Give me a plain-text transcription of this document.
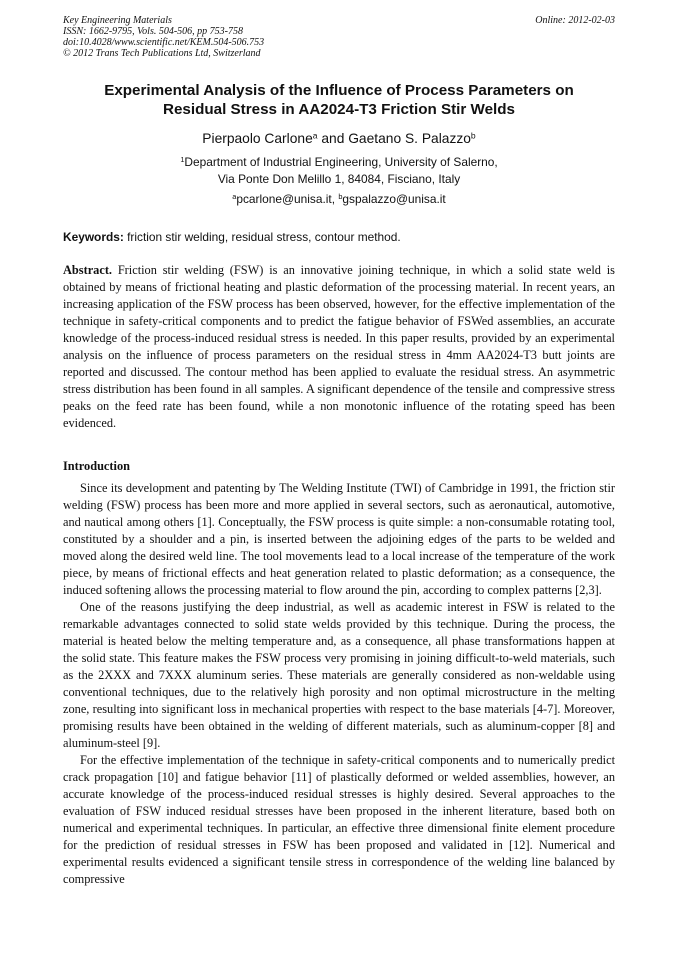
Key Engineering Materials
ISSN: 1662-9795, Vols. 504-506, pp 753-758
doi:10.4028/www.scientific.net/KEM.504-506.753
© 2012 Trans Tech Publications Ltd, Switzerland
Online: 2012-02-03
Experimental Analysis of the Influence of Process Parameters on
Residual Stress in AA2024-T3 Friction Stir Welds
Pierpaolo Carlone$^a$ and Gaetano S. Palazzo$^b$
$^1$Department of Industrial Engineering, University of Salerno,
Via Ponte Don Melillo 1, 84084, Fisciano, Italy
$^a$pcarlone@unisa.it, $^b$gspalazzo@unisa.it
Keywords: friction stir welding, residual stress, contour method.
Abstract. Friction stir welding (FSW) is an innovative joining technique, in which a solid state weld is obtained by means of frictional heating and plastic deformation of the processing material. In recent years, an increasing application of the FSW process has been observed, however, for the effective implementation of the technique in safety-critical components and to predict the fatigue behavior of FSWed assemblies, an accurate knowledge of the process-induced residual stress is needed. In this paper results, provided by an experimental analysis on the influence of process parameters on the residual stress in 4mm AA2024-T3 butt joints are reported and discussed. The contour method has been applied to evaluate the residual stress. An asymmetric stress distribution has been found in all samples. A significant dependence of the tensile and compressive stress peaks on the feed rate has been found, while a non monotonic influence of the rotating speed has been evidenced.
Introduction

Since its development and patenting by The Welding Institute (TWI) of Cambridge in 1991, the friction stir welding (FSW) process has been more and more applied in several sectors, such as aeronautical, automotive, and nautical among others [1]. Conceptually, the FSW process is quite simple: a non-consumable rotating tool, constituted by a shoulder and a pin, is inserted between the adjoining edges of the parts to be welded and moved along the desired weld line. The tool movements lead to a local increase of the temperature of the work piece, by means of frictional effects and heat generation related to plastic deformation; as a consequence, the induced softening allows the processing material to flow around the pin, according to complex patterns [2,3].

One of the reasons justifying the deep industrial, as well as academic interest in FSW is related to the remarkable advantages connected to solid state welds provided by this technique. During the process, the material is heated below the melting temperature and, as a consequence, all phase transformations happen at the solid state. This feature makes the FSW process very promising in joining difficult-to-weld materials, such as the 2XXX and 7XXX aluminum series. These materials are generally considered as non-weldable using conventional techniques, due to the relatively high porosity and non optimal microstructure in the melting zone, resulting into significant loss in mechanical properties with respect to the base materials [4-7]. Moreover, promising results have been obtained in the welding of different materials, such as aluminum-copper [8] and aluminum-steel [9].

For the effective implementation of the technique in safety-critical components and to numerically predict crack propagation [10] and fatigue behavior [11] of plastically deformed or welded assemblies, however, an accurate knowledge of the process-induced residual stresses is highly desired. Several approaches to the evaluation of FSW induced residual stresses have been proposed in the inherent literature, based both on numerical and experimental techniques. In particular, an effective three dimensional finite element procedure for the prediction of residual stresses in FSW has been proposed and validated in [12]. Numerical and experimental results evidenced a significant tensile stress in correspondence of the welding line balanced by compressive
